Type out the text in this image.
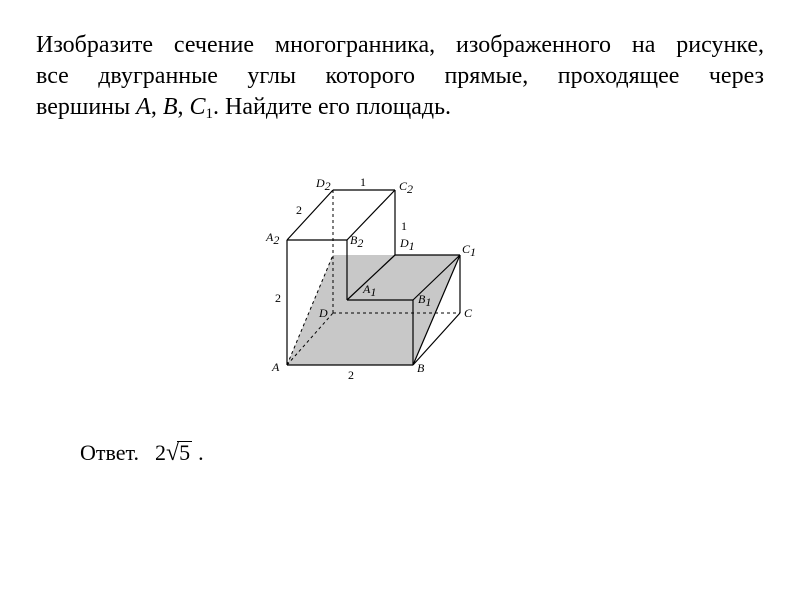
Изобразите сечение многогранника, изображенного на рисунке,
все двугранные углы которого прямые, проходящее через
вершины A, B, $C_1$. Найдите его площадь.
D2	C2
A2	B2	D1	C1
A1	B1
D	C
A	B
1
2
1
2
2
Ответ. 2√5 .
